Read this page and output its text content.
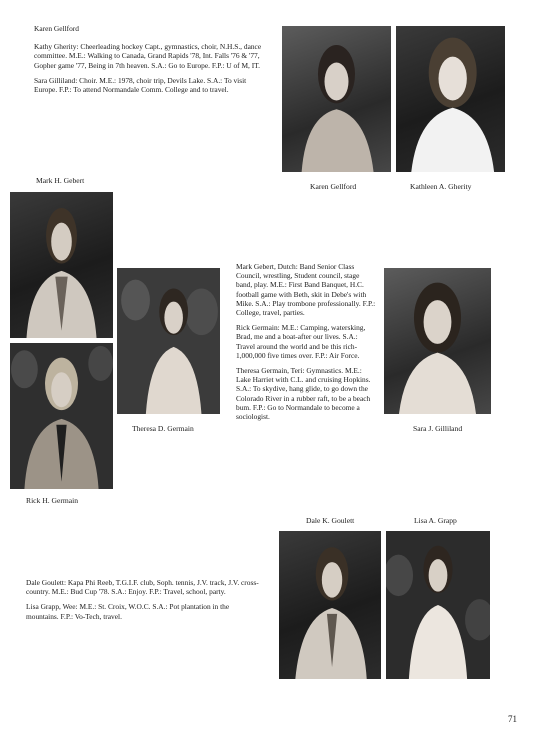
Karen Gellford

Kathy Gherity: Cheerleading hockey Capt., gymnastics, choir, N.H.S., dance committee. M.E.: Walking to Canada, Grand Rapids '78, Int. Falls '76 & '77, Gopher game '77, Being in 7th heaven. S.A.: Go to Europe. F.P.: U of M, IT.

Sara Gilliland: Choir. M.E.: 1978, choir trip, Devils Lake. S.A.: To visit Europe. F.P.: To attend Normandale Comm. College and to travel.

Karen Gellford	Kathleen A. Gherity
Mark H. Gebert
Theresa D. Germain
Rick H. Germain

Mark Gebert, Dutch: Band Senior Class Council, wrestling, Student council, stage band, play. M.E.: First Band Banquet, H.C. football game with Beth, skit in Debe's with Mike. S.A.: Play trombone professionally. F.P.: College, travel, parties.

Rick Germain: M.E.: Camping, watersking, Brad, me and a boat-after our lives. S.A.: Travel around the world and be this rich-1,000,000 five times over. F.P.: Air Force.

Theresa Germain, Teri: Gymnastics. M.E.: Lake Harriet with C.L. and cruising Hopkins. S.A.: To skydive, hang glide, to go down the Colorado River in a rubber raft, to be a beach bum. F.P.: Go to Normandale to become a sociologist.

Sara J. Gilliland
Dale K. Goulett	Lisa A. Grapp

Dale Goulett: Kapa Phi Reeb, T.G.I.F. club, Soph. tennis, J.V. track, J.V. cross-country. M.E.: Bud Cup '78. S.A.: Enjoy. F.P.: Travel, school, party.

Lisa Grapp, Wee: M.E.: St. Croix, W.O.C. S.A.: Pot plantation in the mountains. F.P.: Vo-Tech, travel.

71
